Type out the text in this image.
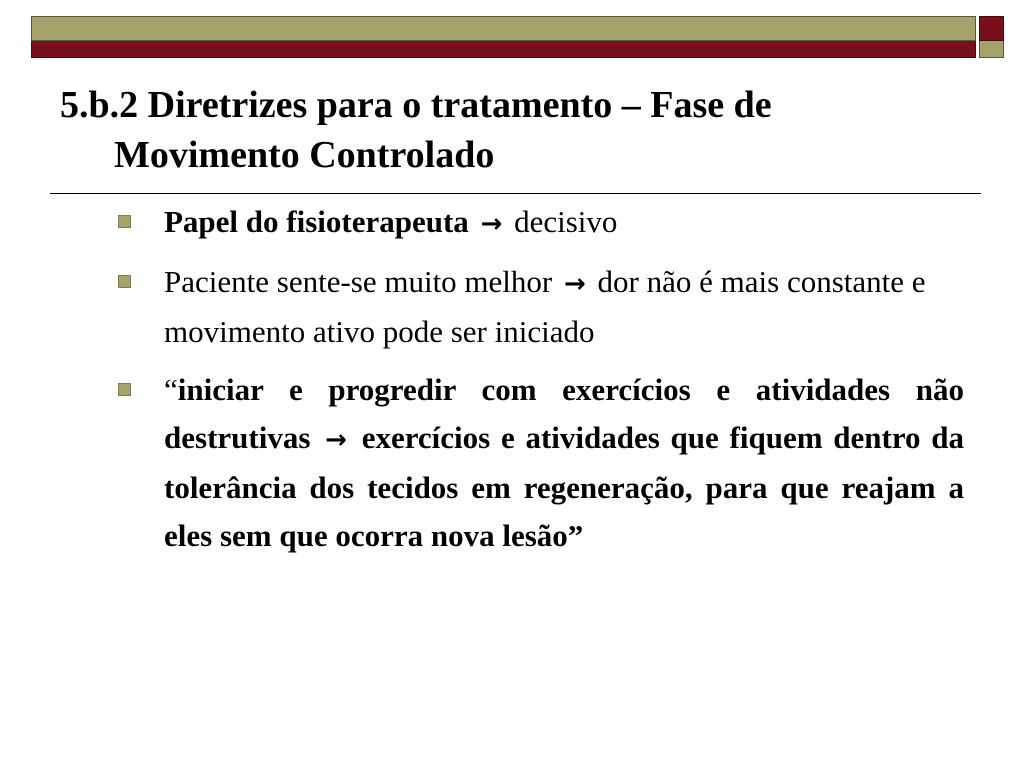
5.b.2 Diretrizes para o tratamento – Fase de
Movimento Controlado
Papel do fisioterapeuta → decisivo
Paciente sente-se muito melhor → dor não é mais constante e movimento ativo pode ser iniciado
“iniciar e progredir com exercícios e atividades não destrutivas → exercícios e atividades que fiquem dentro da tolerância dos tecidos em regeneração, para que reajam a eles sem que ocorra nova lesão”
